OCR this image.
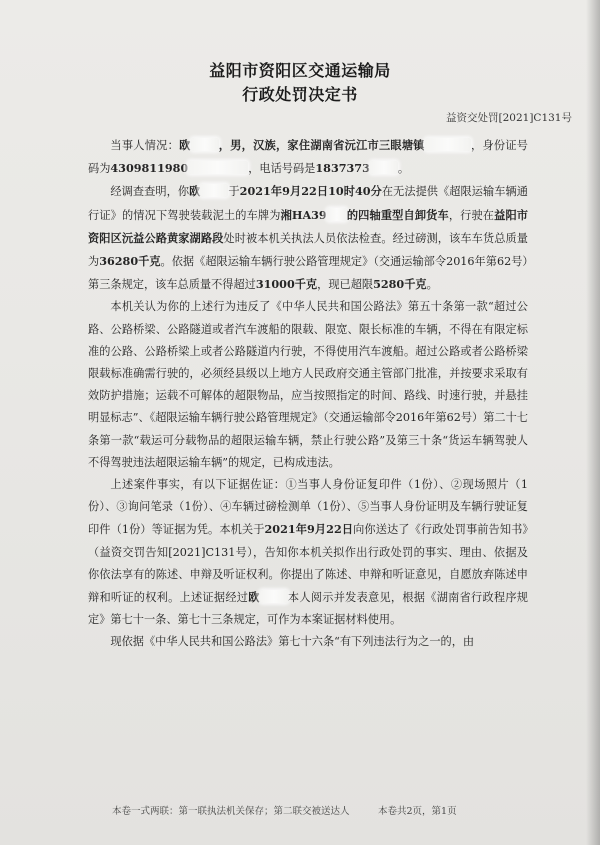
益阳市资阳区交通运输局
行政处罚决定书
益资交处罚[2021]C131号

当事人情况：欧	，男，汉族，家住湖南省沅江市三眼塘镇	，身份证号码为4309811980	，电话号码是1837373	。

经调查查明，你欧	于2021年9月22日10时40分在无法提供《超限运输车辆通行证》的情况下驾驶装载泥土的车牌为湘HA39 的四轴重型自卸货车，行驶在益阳市资阳区沅益公路黄家湖路段处时被本机关执法人员依法检查。经过磅测，该车车货总质量为36280千克。依据《超限运输车辆行驶公路管理规定》（交通运输部令2016年第62号）第三条规定，该车总质量不得超过31000千克，现已超限5280千克。

本机关认为你的上述行为违反了《中华人民共和国公路法》第五十条第一款“超过公路、公路桥梁、公路隧道或者汽车渡船的限载、限宽、限长标准的车辆，不得在有限定标准的公路、公路桥梁上或者公路隧道内行驶，不得使用汽车渡船。超过公路或者公路桥梁限载标准确需行驶的，必须经县级以上地方人民政府交通主管部门批准，并按要求采取有效防护措施；运载不可解体的超限物品，应当按照指定的时间、路线、时速行驶，并悬挂明显标志”、《超限运输车辆行驶公路管理规定》（交通运输部令2016年第62号）第二十七条第一款“载运可分载物品的超限运输车辆，禁止行驶公路”及第三十条“货运车辆驾驶人不得驾驶违法超限运输车辆”的规定，已构成违法。

上述案件事实，有以下证据佐证：①当事人身份证复印件（1份）、②现场照片（1份）、③询问笔录（1份）、④车辆过磅检测单（1份）、⑤当事人身份证明及车辆行驶证复印件（1份）等证据为凭。本机关于2021年9月22日向你送达了《行政处罚事前告知书》（益资交罚告知[2021]C131号），告知你本机关拟作出行政处罚的事实、理由、依据及你依法享有的陈述、申辩及听证权利。你提出了陈述、申辩和听证意见，自愿放弃陈述申辩和听证的权利。上述证据经过欧	本人阅示并发表意见，根据《湖南省行政程序规定》第七十一条、第七十三条规定，可作为本案证据材料使用。

现依据《中华人民共和国公路法》第七十六条“有下列违法行为之一的，由

本卷一式两联：第一联执法机关保存；第二联交被送达人	本卷共2页，第1页
